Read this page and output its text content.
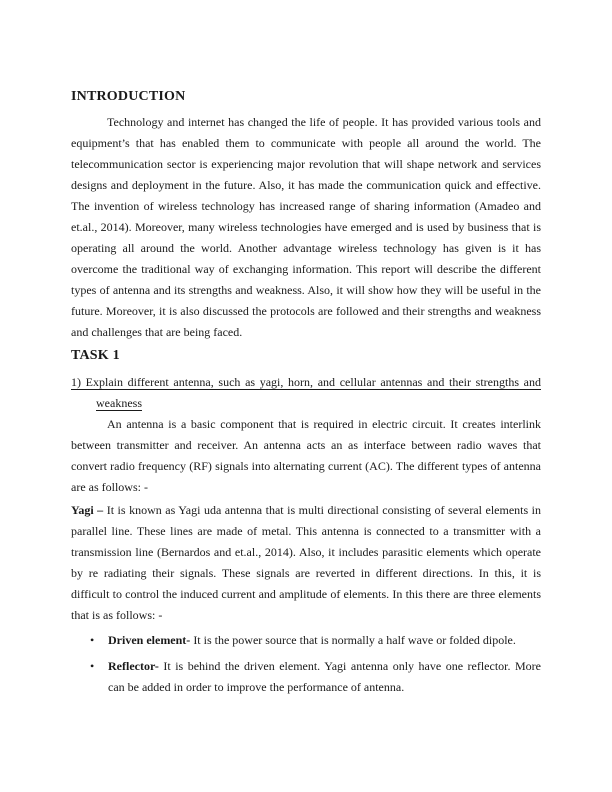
INTRODUCTION

Technology and internet has changed the life of people. It has provided various tools and equipment’s that has enabled them to communicate with people all around the world. The telecommunication sector is experiencing major revolution that will shape network and services designs and deployment in the future. Also, it has made the communication quick and effective. The invention of wireless technology has increased range of sharing information (Amadeo and et.al., 2014). Moreover, many wireless technologies have emerged and is used by business that is operating all around the world. Another advantage wireless technology has given is it has overcome the traditional way of exchanging information. This report will describe the different types of antenna and its strengths and weakness. Also, it will show how they will be useful in the future. Moreover, it is also discussed the protocols are followed and their strengths and weakness and challenges that are being faced.

TASK 1
1) Explain different antenna, such as yagi, horn, and cellular antennas and their strengths and weakness

An antenna is a basic component that is required in electric circuit. It creates interlink between transmitter and receiver. An antenna acts an as interface between radio waves that convert radio frequency (RF) signals into alternating current (AC). The different types of antenna are as follows: -

Yagi – It is known as Yagi uda antenna that is multi directional consisting of several elements in parallel line. These lines are made of metal. This antenna is connected to a transmitter with a transmission line (Bernardos and et.al., 2014). Also, it includes parasitic elements which operate by re radiating their signals. These signals are reverted in different directions. In this, it is difficult to control the induced current and amplitude of elements. In this there are three elements that is as follows: -

• Driven element- It is the power source that is normally a half wave or folded dipole.
• Reflector- It is behind the driven element. Yagi antenna only have one reflector. More can be added in order to improve the performance of antenna.
